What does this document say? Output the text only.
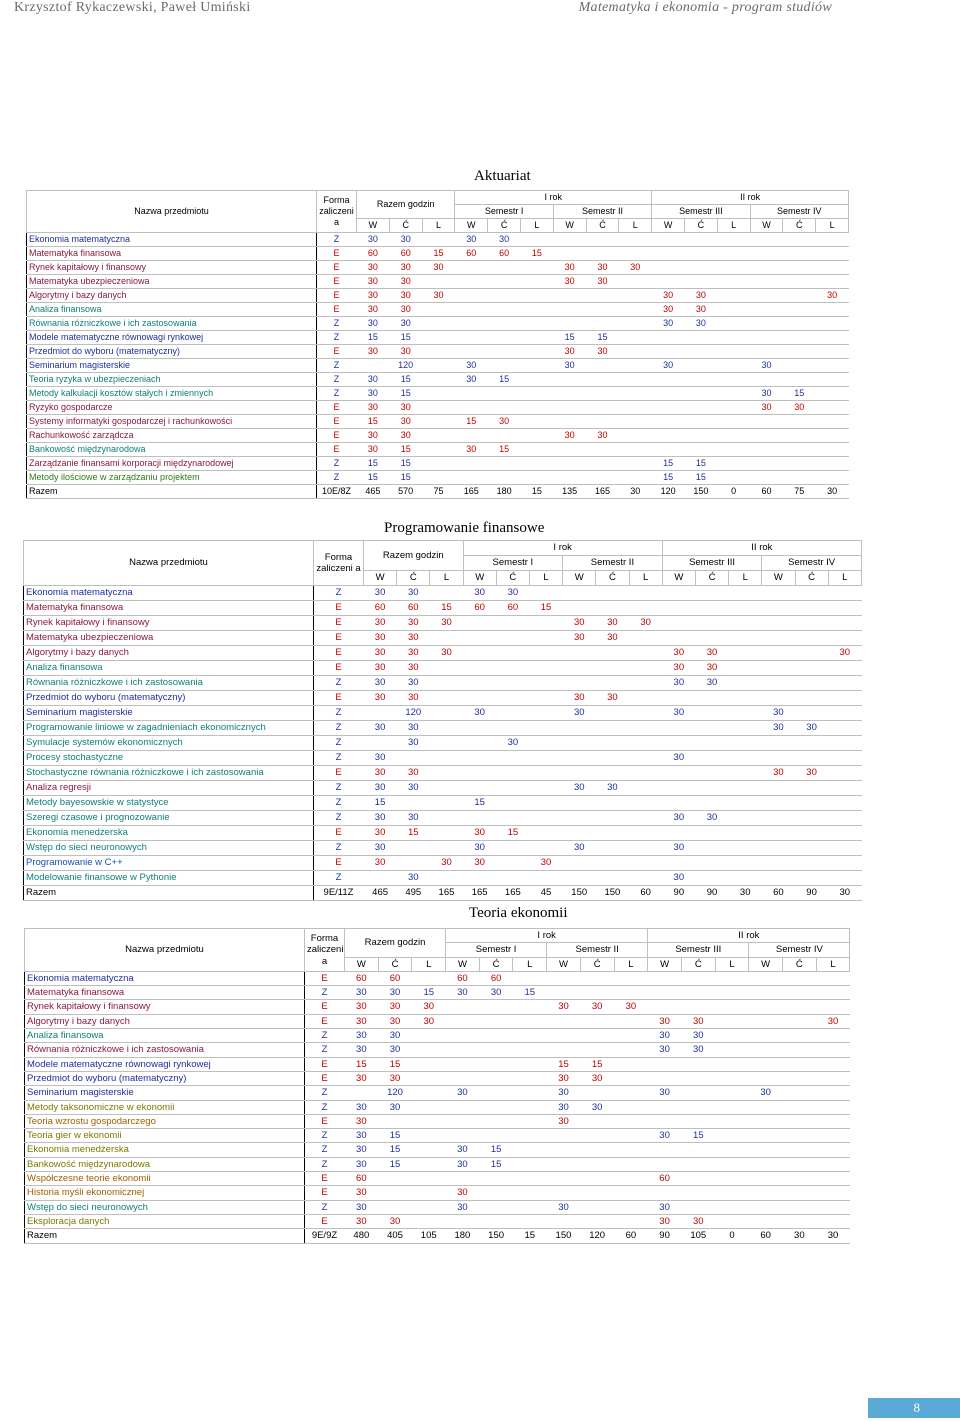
Krzysztof Rykaczewski, Paweł Umiński	Matematyka i ekonomia - program studiów
Aktuariat
Nazwa przedmiotu	Forma zaliczeni a	Razem godzin			I rok						II rok					
					Semestr I			Semestr II			Semestr III			Semestr IV		
		W	Ć	L	W	Ć	L	W	Ć	L	W	Ć	L	W	Ć	L
Ekonomia matematyczna	Z	30	30		30	30										
Matematyka finansowa	E	60	60	15	60	60	15									
Rynek kapitałowy i finansowy	E	30	30	30				30	30	30						
Matematyka ubezpieczeniowa	E	30	30					30	30							
Algorytmy i bazy danych	E	30	30	30							30	30				30
Analiza finansowa	E	30	30								30	30				
Równania różniczkowe i ich zastosowania	Z	30	30								30	30				
Modele matematyczne równowagi rynkowej	Z	15	15					15	15							
Przedmiot do wyboru (matematyczny)	E	30	30					30	30							
Seminarium magisterskie	Z		120		30			30			30			30		
Teoria ryzyka w ubezpieczeniach	Z	30	15		30	15										
Metody kalkulacji kosztów stałych i zmiennych	Z	30	15											30	15	
Ryzyko gospodarcze	E	30	30											30	30	
Systemy informatyki gospodarczej i rachunkowości	E	15	30		15	30										
Rachunkowość zarządcza	E	30	30					30	30							
Bankowość międzynarodowa	E	30	15		30	15										
Zarządzanie finansami korporacji międzynarodowej	Z	15	15								15	15				
Metody ilościowe w zarządzaniu projektem	Z	15	15								15	15				
Razem	10E/8Z	465	570	75	165	180	15	135	165	30	120	150	0	60	75	30
Programowanie finansowe
Nazwa przedmiotu	Forma zaliczeni a	Razem godzin			I rok						II rok					
					Semestr I			Semestr II			Semestr III			Semestr IV		
		W	Ć	L	W	Ć	L	W	Ć	L	W	Ć	L	W	Ć	L
Ekonomia matematyczna	Z	30	30		30	30										
Matematyka finansowa	E	60	60	15	60	60	15									
Rynek kapitałowy i finansowy	E	30	30	30				30	30	30						
Matematyka ubezpieczeniowa	E	30	30					30	30							
Algorytmy i bazy danych	E	30	30	30							30	30				30
Analiza finansowa	E	30	30								30	30				
Równania różniczkowe i ich zastosowania	Z	30	30								30	30				
Przedmiot do wyboru (matematyczny)	E	30	30					30	30							
Seminarium magisterskie	Z		120		30			30			30			30		
Programowanie liniowe w zagadnieniach ekonomicznych	Z	30	30											30	30	
Symulacje systemów ekonomicznych	Z		30			30										
Procesy stochastyczne	Z	30									30					
Stochastyczne równania różniczkowe i ich zastosowania	E	30	30											30	30	
Analiza regresji	Z	30	30					30	30							
Metody bayesowskie w statystyce	Z	15			15											
Szeregi czasowe i prognozowanie	Z	30	30								30	30				
Ekonomia menedżerska	E	30	15		30	15										
Wstęp do sieci neuronowych	Z	30			30			30			30					
Programowanie w C++	E	30		30	30		30									
Modelowanie finansowe w Pythonie	Z		30								30					
Razem	9E/11Z	465	495	165	165	165	45	150	150	60	90	90	30	60	90	30
Teoria ekonomii
Nazwa przedmiotu	Forma zaliczeni a	Razem godzin			I rok						II rok					
					Semestr I			Semestr II			Semestr III			Semestr IV		
		W	Ć	L	W	Ć	L	W	Ć	L	W	Ć	L	W	Ć	L
Ekonomia matematyczna	E	60	60		60	60										
Matematyka finansowa	Z	30	30	15	30	30	15									
Rynek kapitałowy i finansowy	E	30	30	30				30	30	30						
Algorytmy i bazy danych	E	30	30	30							30	30				30
Analiza finansowa	Z	30	30								30	30				
Równania różniczkowe i ich zastosowania	Z	30	30								30	30				
Modele matematyczne równowagi rynkowej	E	15	15					15	15							
Przedmiot do wyboru (matematyczny)	E	30	30					30	30							
Seminarium magisterskie	Z		120		30			30			30			30		
Metody taksonomiczne w ekonomii	Z	30	30					30	30							
Teoria wzrostu gospodarczego	E	30						30								
Teoria gier w ekonomii	Z	30	15								30	15				
Ekonomia menedżerska	Z	30	15		30	15										
Bankowość międzynarodowa	Z	30	15		30	15										
Współczesne teorie ekonomii	E	60									60					
Historia myśli ekonomicznej	E	30			30											
Wstęp do sieci neuronowych	Z	30			30			30			30					
Eksploracja danych	E	30	30								30	30				
Razem	9E/9Z	480	405	105	180	150	15	150	120	60	90	105	0	60	30	30
8
